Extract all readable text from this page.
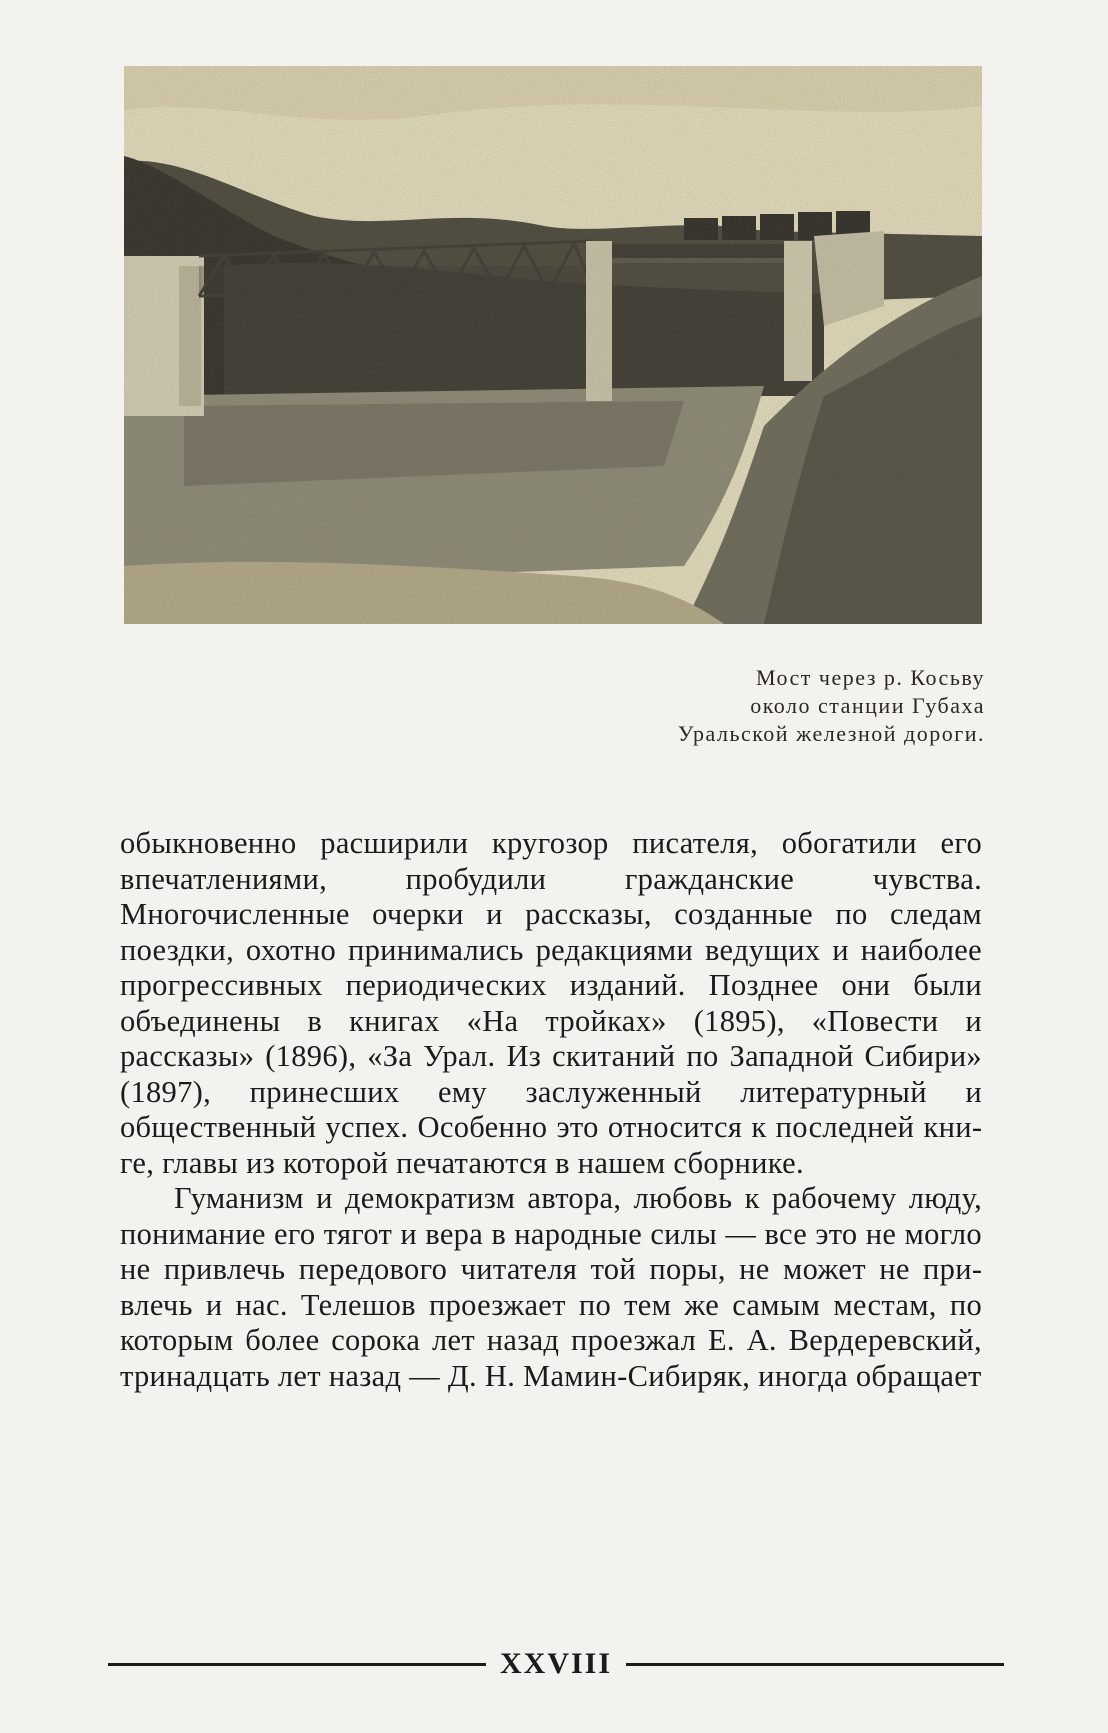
Мост через р. Косьву
около станции Губаха
Уральской железной дороги.

обыкновенно расширили кругозор писателя, обогатили его впечатлениями, пробудили гражданские чувства. Многочисленные очерки и рассказы, созданные по следам поездки, охотно принимались редакциями ведущих и наиболее прогрессивных периодических изданий. Позднее они были объединены в книгах «На тройках» (1895), «Повести и рассказы» (1896), «За Урал. Из скитаний по Западной Сибири» (1897), принесших ему заслуженный литературный и общественный успех. Особенно это относится к последней книге, главы из которой печатаются в нашем сборнике.

Гуманизм и демократизм автора, любовь к рабочему люду, понимание его тягот и вера в народные силы — все это не могло не привлечь передового читателя той поры, не может не привлечь и нас. Телешов проезжает по тем же самым местам, по которым более сорока лет назад проезжал Е. А. Вердеревский, тринадцать лет назад — Д. Н. Мамин-Сибиряк, иногда обращает

XXVIII
